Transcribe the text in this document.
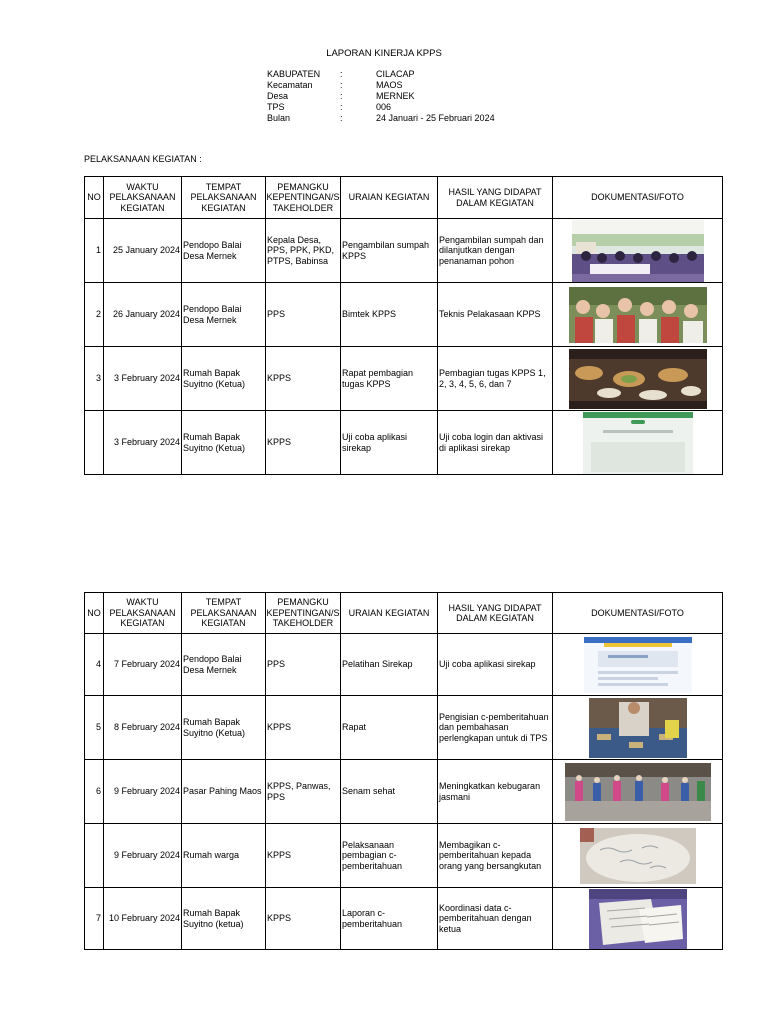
LAPORAN KINERJA KPPS
KABUPATEN :	CILACAP
Kecamatan	:	MAOS
Desa	:	MERNEK
TPS	:	006
Bulan	:	24 Januari - 25 Februari 2024
PELAKSANAAN KEGIATAN :
NO	WAKTU PELAKSANAAN KEGIATAN	TEMPAT PELAKSANAAN KEGIATAN	PEMANGKU KEPENTINGAN/S TAKEHOLDER	URAIAN KEGIATAN	HASIL YANG DIDAPAT DALAM KEGIATAN	DOKUMENTASI/FOTO
1	25 January 2024	Pendopo Balai Desa Mernek	Kepala Desa, PPS, PPK, PKD, PTPS, Babinsa	Pengambilan sumpah KPPS	Pengambilan sumpah dan dilanjutkan dengan penanaman pohon	

2	26 January 2024	Pendopo Balai Desa Mernek	PPS	Bimtek KPPS	Teknis Pelakasaan KPPS	

3	3 February 2024	Rumah Bapak Suyitno (Ketua)	KPPS	Rapat pembagian tugas KPPS	Pembagian tugas KPPS 1, 2, 3, 4, 5, 6, dan 7	

	3 February 2024	Rumah Bapak Suyitno (Ketua)	KPPS	Uji coba aplikasi sirekap	Uji coba login dan aktivasi di aplikasi sirekap	
NO	WAKTU PELAKSANAAN KEGIATAN	TEMPAT PELAKSANAAN KEGIATAN	PEMANGKU KEPENTINGAN/S TAKEHOLDER	URAIAN KEGIATAN	HASIL YANG DIDAPAT DALAM KEGIATAN	DOKUMENTASI/FOTO
4	7 February 2024	Pendopo Balai Desa Mernek	PPS	Pelatihan Sirekap	Uji coba aplikasi sirekap	

5	8 February 2024	Rumah Bapak Suyitno (Ketua)	KPPS	Rapat	Pengisian c-pemberitahuan dan pembahasan perlengkapan untuk di TPS	

6	9 February 2024	Pasar Pahing Maos	KPPS, Panwas, PPS	Senam sehat	Meningkatkan kebugaran jasmani	

	9 February 2024	Rumah warga	KPPS	Pelaksanaan pembagian c-pemberitahuan	Membagikan c-pemberitahuan kepada orang yang bersangkutan	

7	10 February 2024	Rumah Bapak Suyitno (ketua)	KPPS	Laporan c-pemberitahuan	Koordinasi data c-pemberitahuan dengan ketua	
